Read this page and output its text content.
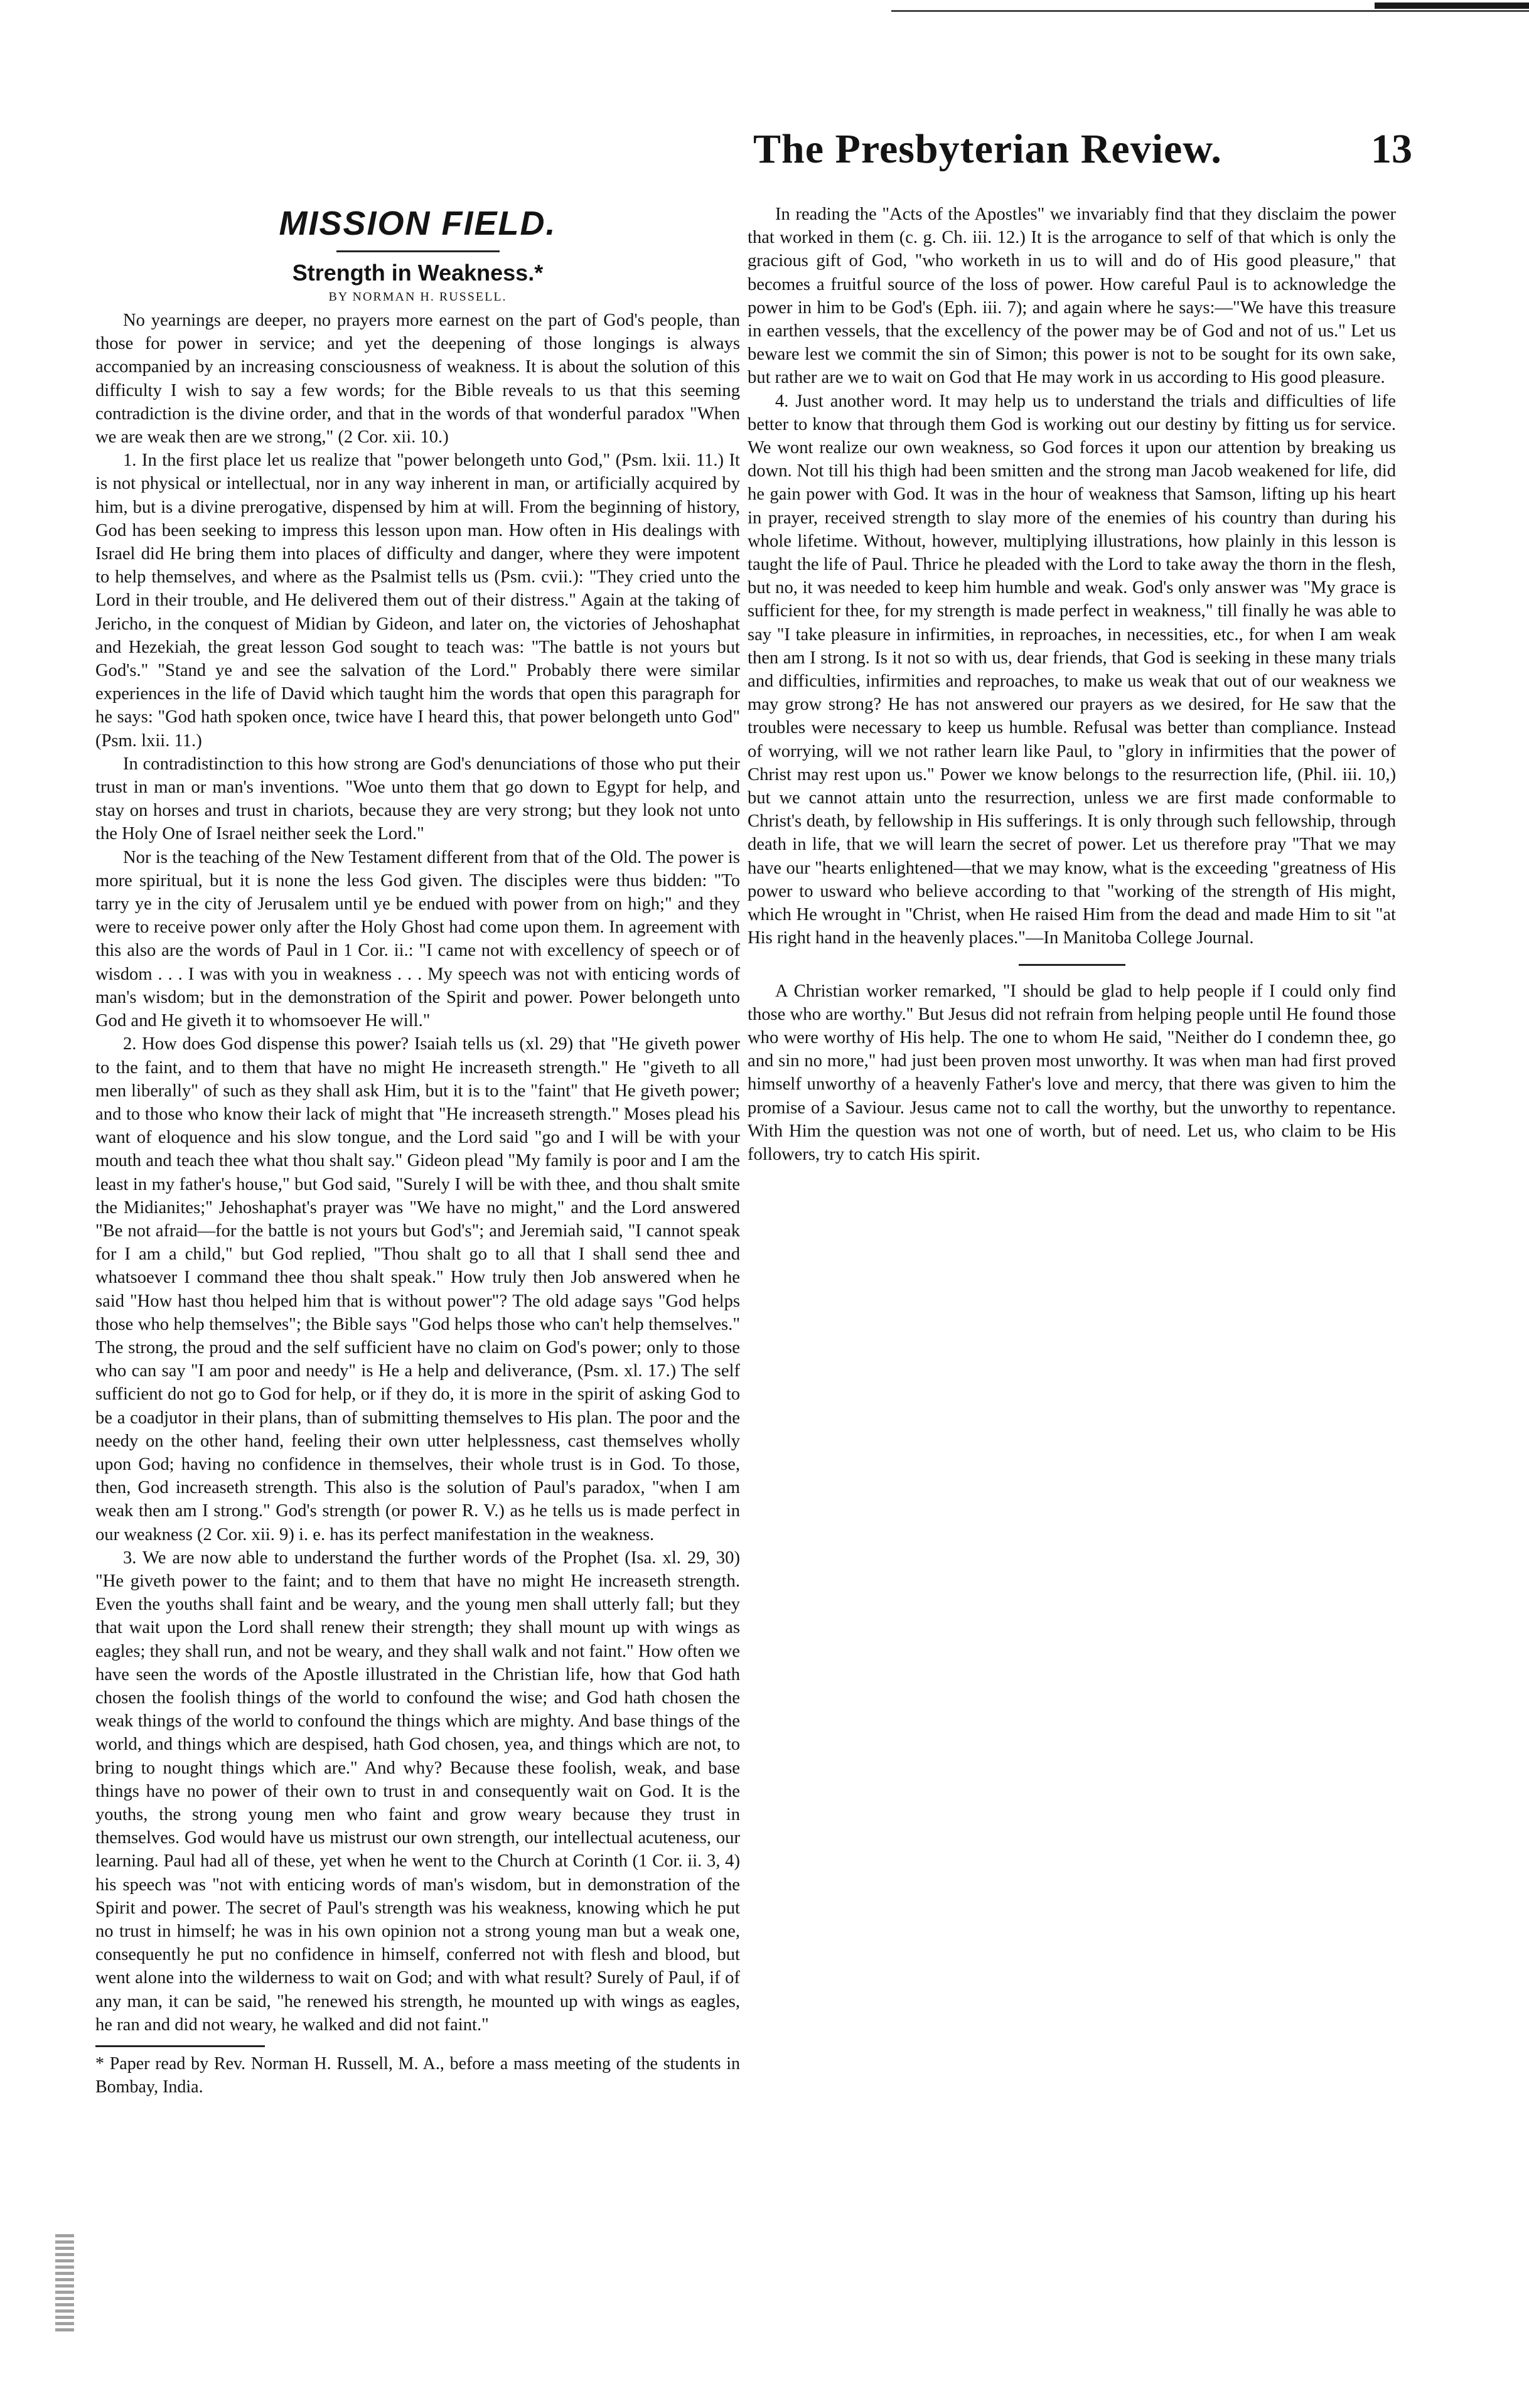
The Presbyterian Review.	13
MISSION FIELD.
Strength in Weakness.*
BY NORMAN H. RUSSELL.

No yearnings are deeper, no prayers more earnest on the part of God's people, than those for power in service; and yet the deepening of those longings is always accompanied by an increasing consciousness of weakness. It is about the solution of this difficulty I wish to say a few words; for the Bible reveals to us that this seeming contradiction is the divine order, and that in the words of that wonderful paradox "When we are weak then are we strong," (2 Cor. xii. 10.)

1. In the first place let us realize that "power belongeth unto God," (Psm. lxii. 11.) It is not physical or intellectual, nor in any way inherent in man, or artificially acquired by him, but is a divine prerogative, dispensed by him at will. From the beginning of history, God has been seeking to impress this lesson upon man. How often in His dealings with Israel did He bring them into places of difficulty and danger, where they were impotent to help themselves, and where as the Psalmist tells us (Psm. cvii.): "They cried unto the Lord in their trouble, and He delivered them out of their distress." Again at the taking of Jericho, in the conquest of Midian by Gideon, and later on, the victories of Jehoshaphat and Hezekiah, the great lesson God sought to teach was: "The battle is not yours but God's." "Stand ye and see the salvation of the Lord." Probably there were similar experiences in the life of David which taught him the words that open this paragraph for he says: "God hath spoken once, twice have I heard this, that power belongeth unto God" (Psm. lxii. 11.)

In contradistinction to this how strong are God's denunciations of those who put their trust in man or man's inventions. "Woe unto them that go down to Egypt for help, and stay on horses and trust in chariots, because they are very strong; but they look not unto the Holy One of Israel neither seek the Lord."

Nor is the teaching of the New Testament different from that of the Old. The power is more spiritual, but it is none the less God given. The disciples were thus bidden: "To tarry ye in the city of Jerusalem until ye be endued with power from on high;" and they were to receive power only after the Holy Ghost had come upon them. In agreement with this also are the words of Paul in 1 Cor. ii.: "I came not with excellency of speech or of wisdom . . . I was with you in weakness . . . My speech was not with enticing words of man's wisdom; but in the demonstration of the Spirit and power. Power belongeth unto God and He giveth it to whomsoever He will."

2. How does God dispense this power? Isaiah tells us (xl. 29) that "He giveth power to the faint, and to them that have no might He increaseth strength." He "giveth to all men liberally" of such as they shall ask Him, but it is to the "faint" that He giveth power; and to those who know their lack of might that "He increaseth strength." Moses plead his want of eloquence and his slow tongue, and the Lord said "go and I will be with your mouth and teach thee what thou shalt say." Gideon plead "My family is poor and I am the least in my father's house," but God said, "Surely I will be with thee, and thou shalt smite the Midianites;" Jehoshaphat's prayer was "We have no might," and the Lord answered "Be not afraid—for the battle is not yours but God's"; and Jeremiah said, "I cannot speak for I am a child," but God replied, "Thou shalt go to all that I shall send thee and whatsoever I command thee thou shalt speak." How truly then Job answered when he said "How hast thou helped him that is without power"? The old adage says "God helps those who help themselves"; the Bible says "God helps those who can't help themselves." The strong, the proud and the self sufficient have no claim on God's power; only to those who can say "I am poor and needy" is He a help and deliverance, (Psm. xl. 17.) The self sufficient do not go to God for help, or if they do, it is more in the spirit of asking God to be a coadjutor in their plans, than of submitting themselves to His plan. The poor and the needy on the other hand, feeling their own utter helplessness, cast themselves wholly upon God; having no confidence in themselves, their whole trust is in God. To those, then, God increaseth strength. This also is the solution of Paul's paradox, "when I am weak then am I strong." God's strength (or power R. V.) as he tells us is made perfect in our weakness (2 Cor. xii. 9) i. e. has its perfect manifestation in the weakness.

3. We are now able to understand the further words of the Prophet (Isa. xl. 29, 30) "He giveth power to the faint; and to them that have no might He increaseth strength. Even the youths shall faint and be weary, and the young men shall utterly fall; but they that wait upon the Lord shall renew their strength; they shall mount up with wings as eagles; they shall run, and not be weary, and they shall walk and not faint." How often we have seen the words of the Apostle illustrated in the Christian life, how that God hath chosen the foolish things of the world to confound the wise; and God hath chosen the weak things of the world to confound the things which are mighty. And base things of the world, and things which are despised, hath God chosen, yea, and things which are not, to bring to nought things which are." And why? Because these foolish, weak, and base things have no power of their own to trust in and consequently wait on God. It is the youths, the strong young men who faint and grow weary because they trust in themselves. God would have us mistrust our own strength, our intellectual acuteness, our learning. Paul had all of these, yet when he went to the Church at Corinth (1 Cor. ii. 3, 4) his speech was "not with enticing words of man's wisdom, but in demonstration of the Spirit and power. The secret of Paul's strength was his weakness, knowing which he put no trust in himself; he was in his own opinion not a strong young man but a weak one, consequently he put no confidence in himself, conferred not with flesh and blood, but went alone into the wilderness to wait on God; and with what result? Surely of Paul, if of any man, it can be said, "he renewed his strength, he mounted up with wings as eagles, he ran and did not weary, he walked and did not faint."

* Paper read by Rev. Norman H. Russell, M. A., before a mass meeting of the students in Bombay, India.

In reading the "Acts of the Apostles" we invariably find that they disclaim the power that worked in them (c. g. Ch. iii. 12.) It is the arrogance to self of that which is only the gracious gift of God, "who worketh in us to will and do of His good pleasure," that becomes a fruitful source of the loss of power. How careful Paul is to acknowledge the power in him to be God's (Eph. iii. 7); and again where he says:—"We have this treasure in earthen vessels, that the excellency of the power may be of God and not of us." Let us beware lest we commit the sin of Simon; this power is not to be sought for its own sake, but rather are we to wait on God that He may work in us according to His good pleasure.

4. Just another word. It may help us to understand the trials and difficulties of life better to know that through them God is working out our destiny by fitting us for service. We wont realize our own weakness, so God forces it upon our attention by breaking us down. Not till his thigh had been smitten and the strong man Jacob weakened for life, did he gain power with God. It was in the hour of weakness that Samson, lifting up his heart in prayer, received strength to slay more of the enemies of his country than during his whole lifetime. Without, however, multiplying illustrations, how plainly in this lesson is taught the life of Paul. Thrice he pleaded with the Lord to take away the thorn in the flesh, but no, it was needed to keep him humble and weak. God's only answer was "My grace is sufficient for thee, for my strength is made perfect in weakness," till finally he was able to say "I take pleasure in infirmities, in reproaches, in necessities, etc., for when I am weak then am I strong. Is it not so with us, dear friends, that God is seeking in these many trials and difficulties, infirmities and reproaches, to make us weak that out of our weakness we may grow strong? He has not answered our prayers as we desired, for He saw that the troubles were necessary to keep us humble. Refusal was better than compliance. Instead of worrying, will we not rather learn like Paul, to "glory in infirmities that the power of Christ may rest upon us." Power we know belongs to the resurrection life, (Phil. iii. 10,) but we cannot attain unto the resurrection, unless we are first made conformable to Christ's death, by fellowship in His sufferings. It is only through such fellowship, through death in life, that we will learn the secret of power. Let us therefore pray "That we may have our "hearts enlightened—that we may know, what is the exceeding "greatness of His power to usward who believe according to that "working of the strength of His might, which He wrought in "Christ, when He raised Him from the dead and made Him to sit "at His right hand in the heavenly places."—In Manitoba College Journal.

A Christian worker remarked, "I should be glad to help people if I could only find those who are worthy." But Jesus did not refrain from helping people until He found those who were worthy of His help. The one to whom He said, "Neither do I condemn thee, go and sin no more," had just been proven most unworthy. It was when man had first proved himself unworthy of a heavenly Father's love and mercy, that there was given to him the promise of a Saviour. Jesus came not to call the worthy, but the unworthy to repentance. With Him the question was not one of worth, but of need. Let us, who claim to be His followers, try to catch His spirit.
